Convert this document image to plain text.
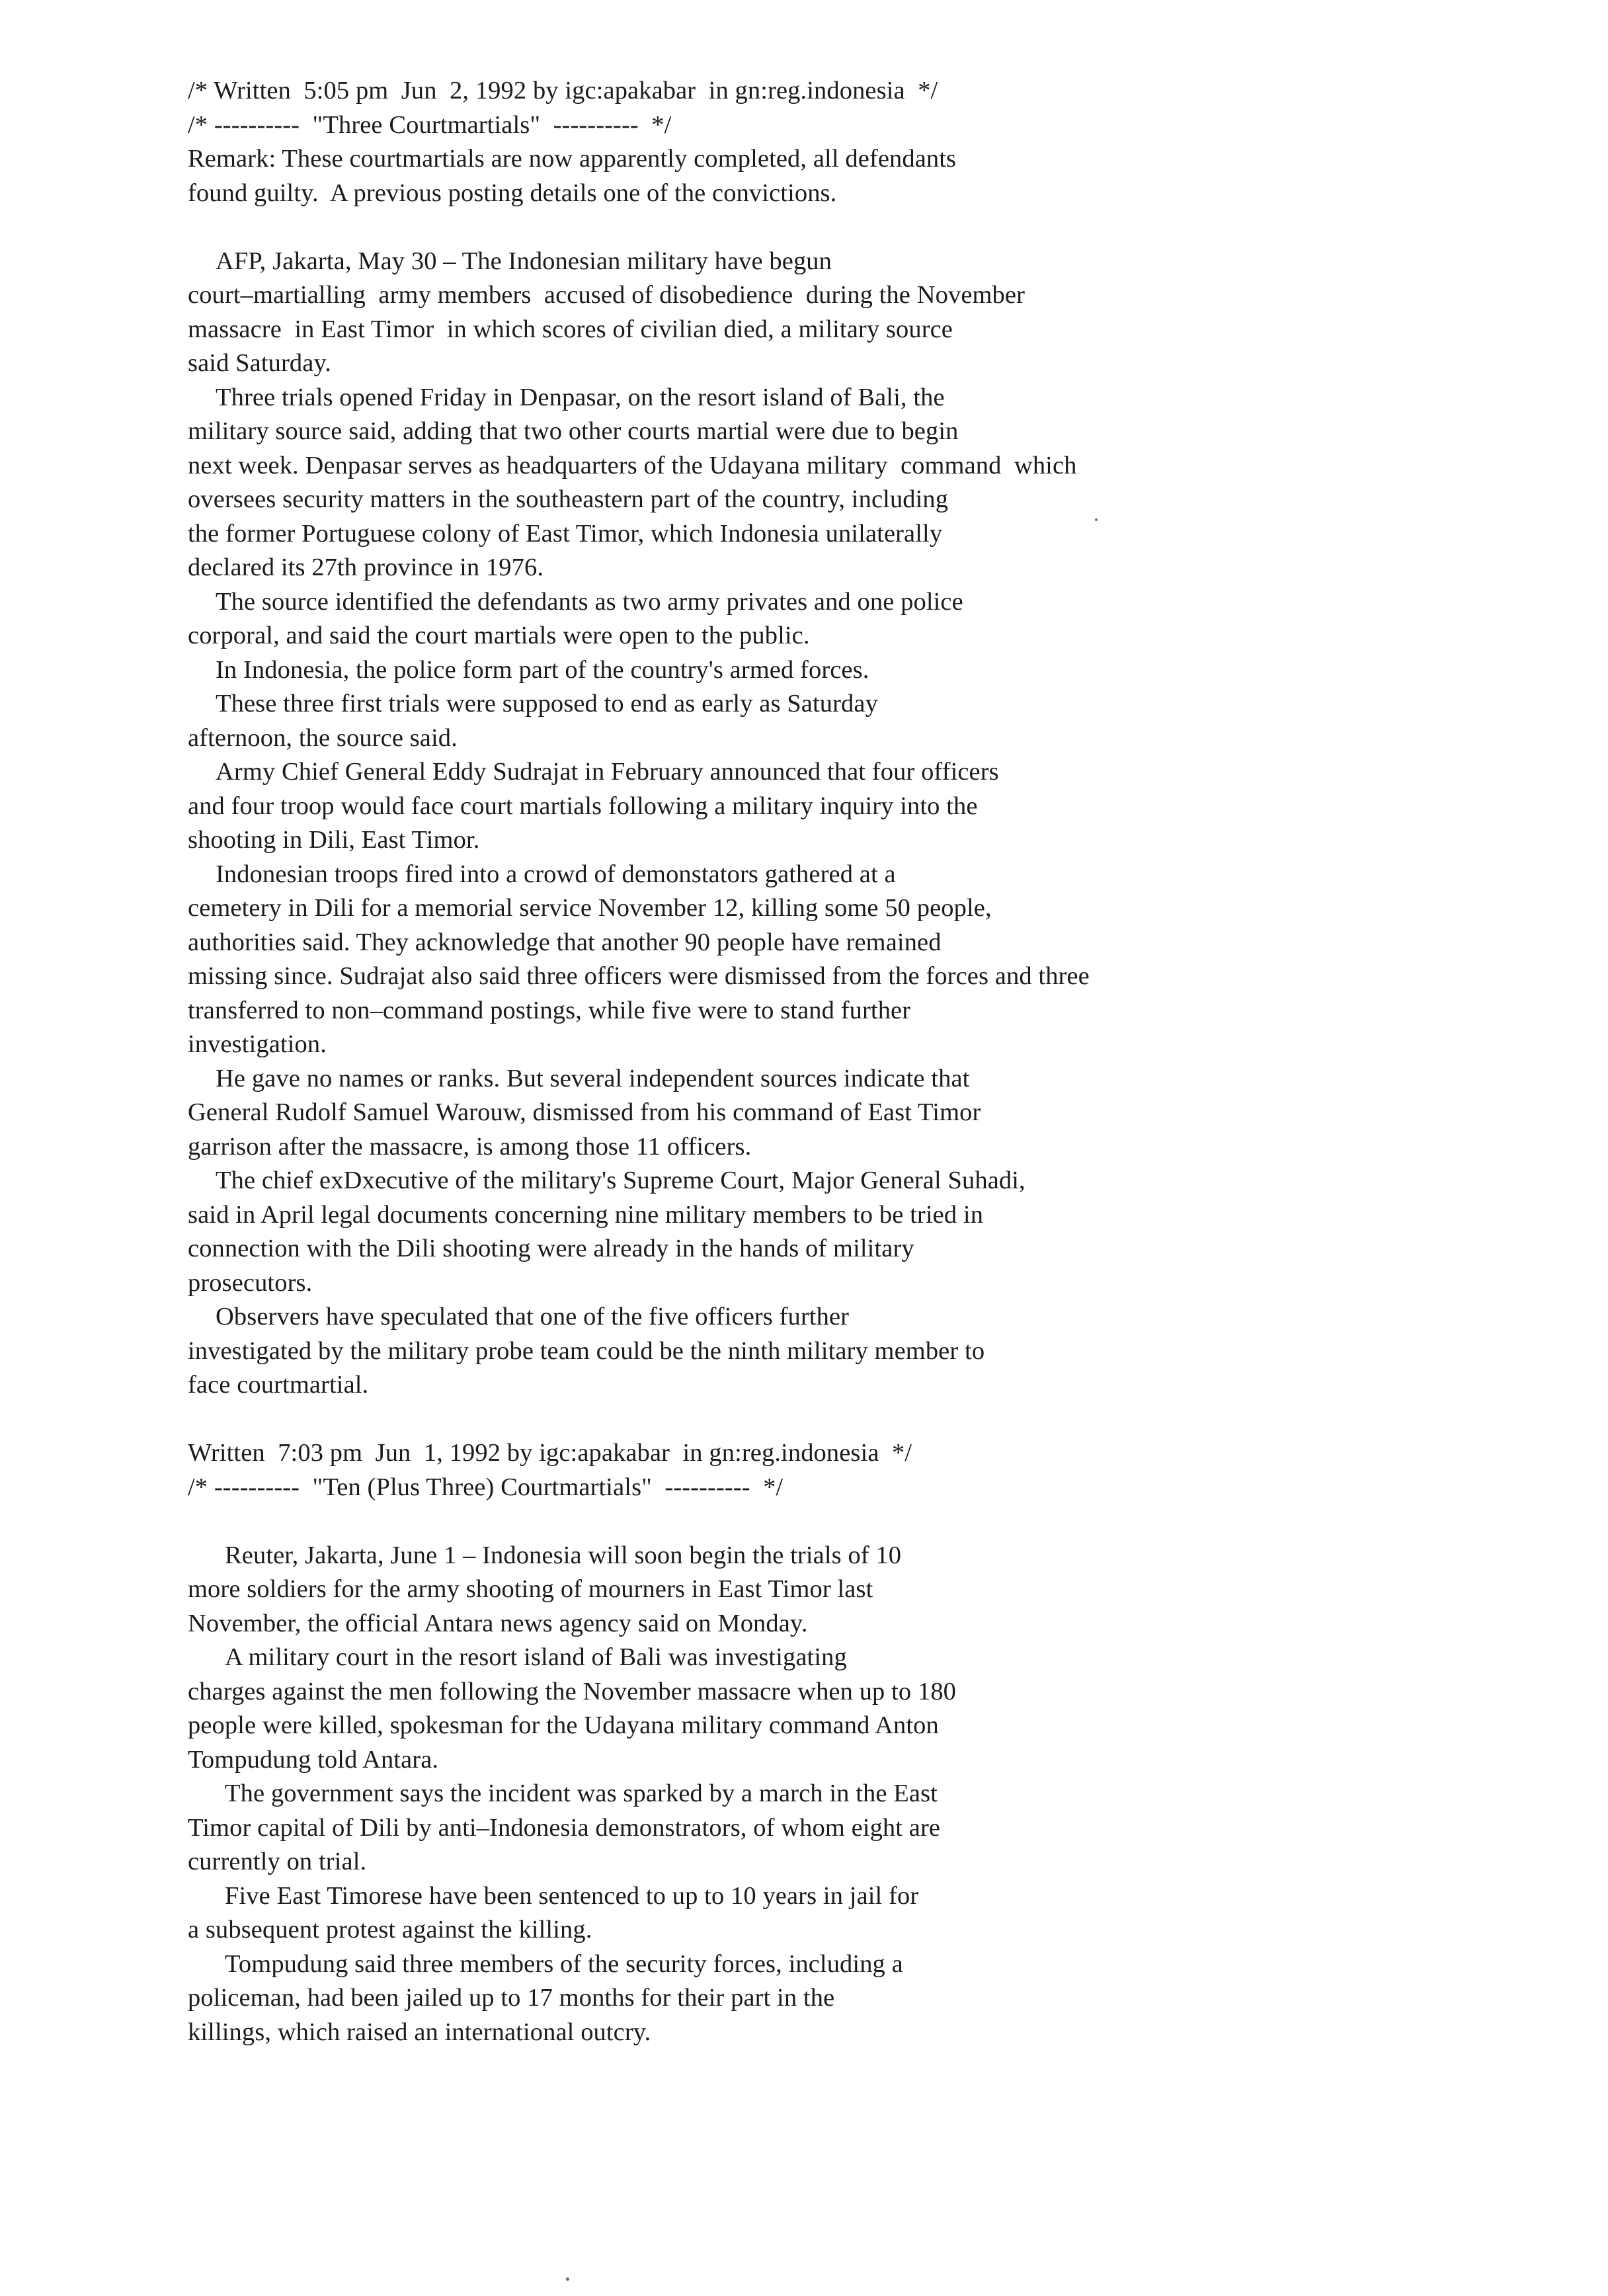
/* Written  5:05 pm  Jun  2, 1992 by igc:apakabar  in gn:reg.indonesia  */
/* ----------  "Three Courtmartials"  ----------  */
Remark: These courtmartials are now apparently completed, all defendants
found guilty.  A previous posting details one of the convictions.
AFP, Jakarta, May 30 – The Indonesian military have begun
court–martialling  army members  accused of disobedience  during the November
massacre  in East Timor  in which scores of civilian died, a military source
said Saturday.
Three trials opened Friday in Denpasar, on the resort island of Bali, the
military source said, adding that two other courts martial were due to begin
next week. Denpasar serves as headquarters of the Udayana military  command  which
oversees security matters in the southeastern part of the country, including
the former Portuguese colony of East Timor, which Indonesia unilaterally
declared its 27th province in 1976.
The source identified the defendants as two army privates and one police
corporal, and said the court martials were open to the public.
In Indonesia, the police form part of the country's armed forces.
These three first trials were supposed to end as early as Saturday
afternoon, the source said.
Army Chief General Eddy Sudrajat in February announced that four officers
and four troop would face court martials following a military inquiry into the
shooting in Dili, East Timor.
Indonesian troops fired into a crowd of demonstators gathered at a
cemetery in Dili for a memorial service November 12, killing some 50 people,
authorities said. They acknowledge that another 90 people have remained
missing since. Sudrajat also said three officers were dismissed from the forces and three
transferred to non–command postings, while five were to stand further
investigation.
He gave no names or ranks. But several independent sources indicate that
General Rudolf Samuel Warouw, dismissed from his command of East Timor
garrison after the massacre, is among those 11 officers.
The chief exDxecutive of the military's Supreme Court, Major General Suhadi,
said in April legal documents concerning nine military members to be tried in
connection with the Dili shooting were already in the hands of military
prosecutors.
Observers have speculated that one of the five officers further
investigated by the military probe team could be the ninth military member to
face courtmartial.
Written  7:03 pm  Jun  1, 1992 by igc:apakabar  in gn:reg.indonesia  */
/* ----------  "Ten (Plus Three) Courtmartials"  ----------  */
Reuter, Jakarta, June 1 – Indonesia will soon begin the trials of 10
more soldiers for the army shooting of mourners in East Timor last
November, the official Antara news agency said on Monday.
A military court in the resort island of Bali was investigating
charges against the men following the November massacre when up to 180
people were killed, spokesman for the Udayana military command Anton
Tompudung told Antara.
The government says the incident was sparked by a march in the East
Timor capital of Dili by anti–Indonesia demonstrators, of whom eight are
currently on trial.
Five East Timorese have been sentenced to up to 10 years in jail for
a subsequent protest against the killing.
Tompudung said three members of the security forces, including a
policeman, had been jailed up to 17 months for their part in the
killings, which raised an international outcry.
